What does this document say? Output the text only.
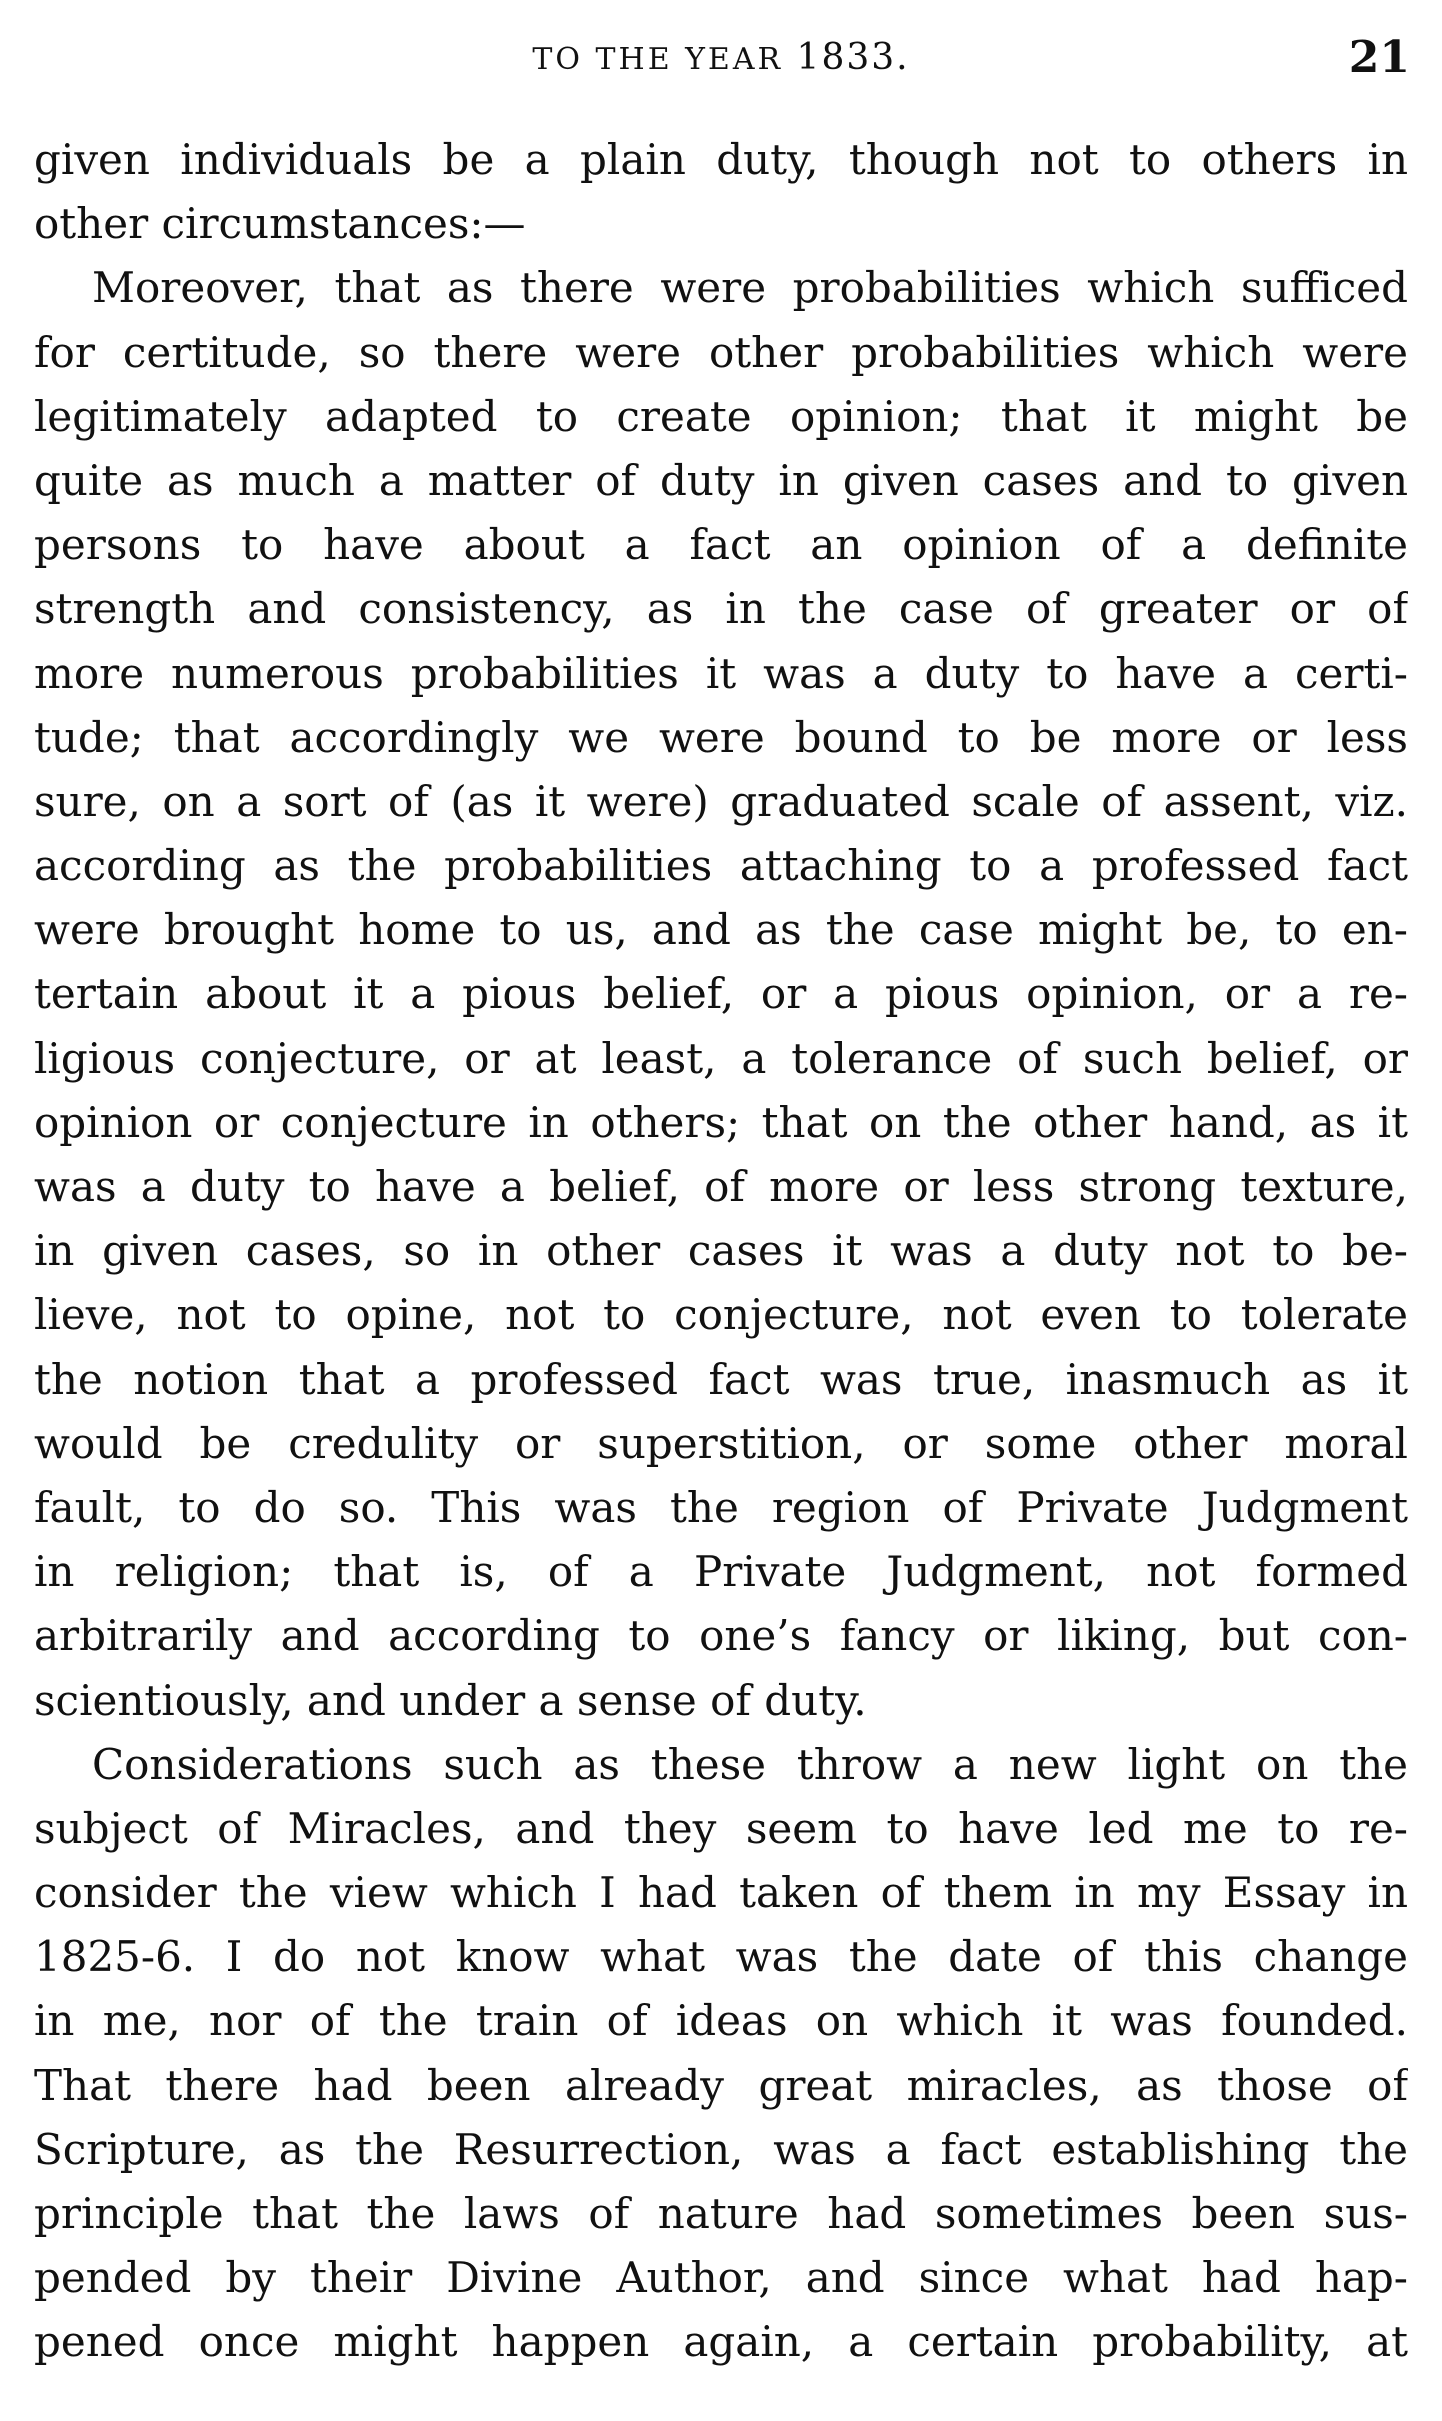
TO THE YEAR 1833.	21
given individuals be a plain duty, though not to others in
other circumstances:—
Moreover, that as there were probabilities which sufficed
for certitude, so there were other probabilities which were
legitimately adapted to create opinion; that it might be
quite as much a matter of duty in given cases and to given
persons to have about a fact an opinion of a definite
strength and consistency, as in the case of greater or of
more numerous probabilities it was a duty to have a certi-
tude; that accordingly we were bound to be more or less
sure, on a sort of (as it were) graduated scale of assent, viz.
according as the probabilities attaching to a professed fact
were brought home to us, and as the case might be, to en-
tertain about it a pious belief, or a pious opinion, or a re-
ligious conjecture, or at least, a tolerance of such belief, or
opinion or conjecture in others; that on the other hand, as it
was a duty to have a belief, of more or less strong texture,
in given cases, so in other cases it was a duty not to be-
lieve, not to opine, not to conjecture, not even to tolerate
the notion that a professed fact was true, inasmuch as it
would be credulity or superstition, or some other moral
fault, to do so. This was the region of Private Judgment
in religion; that is, of a Private Judgment, not formed
arbitrarily and according to one’s fancy or liking, but con-
scientiously, and under a sense of duty.
Considerations such as these throw a new light on the
subject of Miracles, and they seem to have led me to re-
consider the view which I had taken of them in my Essay in
1825-6. I do not know what was the date of this change
in me, nor of the train of ideas on which it was founded.
That there had been already great miracles, as those of
Scripture, as the Resurrection, was a fact establishing the
principle that the laws of nature had sometimes been sus-
pended by their Divine Author, and since what had hap-
pened once might happen again, a certain probability, at
